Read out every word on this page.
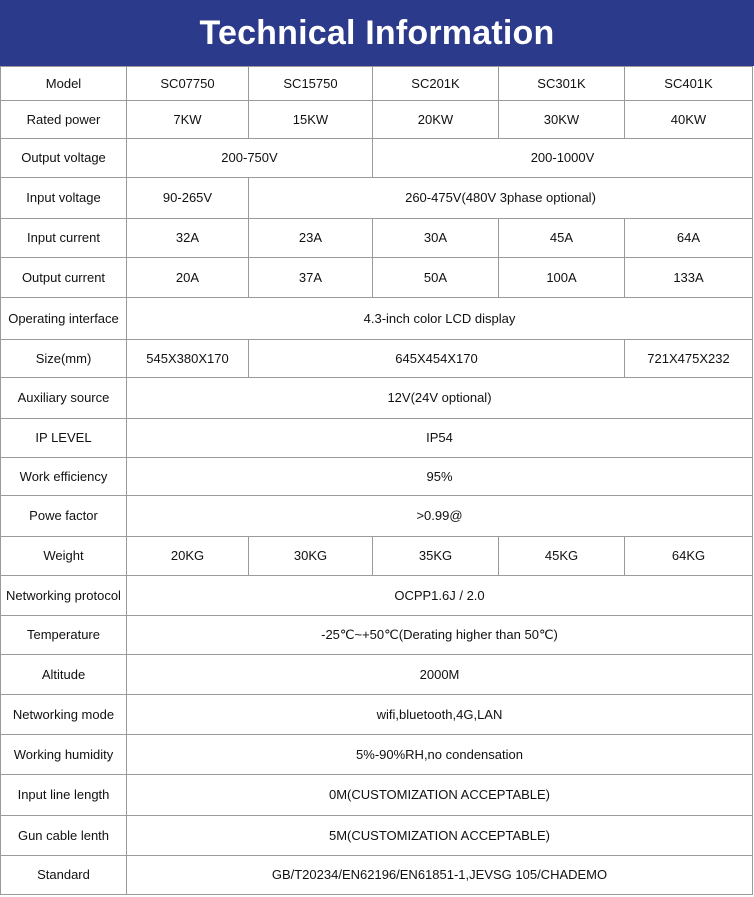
Technical Information
Model	SC07750	SC15750	SC201K	SC301K	SC401K
Rated power	7KW	15KW	20KW	30KW	40KW
Output voltage	200-750V		200-1000V		
Input voltage	90-265V	260-475V(480V 3phase optional)			
Input current	32A	23A	30A	45A	64A
Output current	20A	37A	50A	100A	133A
Operating interface	4.3-inch color LCD display				
Size(mm)	545X380X170	645X454X170			721X475X232
Auxiliary source	12V(24V optional)				
IP LEVEL	IP54				
Work efficiency	95%				
Powe factor	>0.99@				
Weight	20KG	30KG	35KG	45KG	64KG
Networking protocol	OCPP1.6J / 2.0				
Temperature	-25℃~+50℃(Derating higher than 50℃)				
Altitude	2000M				
Networking mode	wifi,bluetooth,4G,LAN				
Working humidity	5%-90%RH,no condensation				
Input line length	0M(CUSTOMIZATION ACCEPTABLE)				
Gun cable lenth	5M(CUSTOMIZATION ACCEPTABLE)				
Standard	GB/T20234/EN62196/EN61851-1,JEVSG 105/CHADEMO				
